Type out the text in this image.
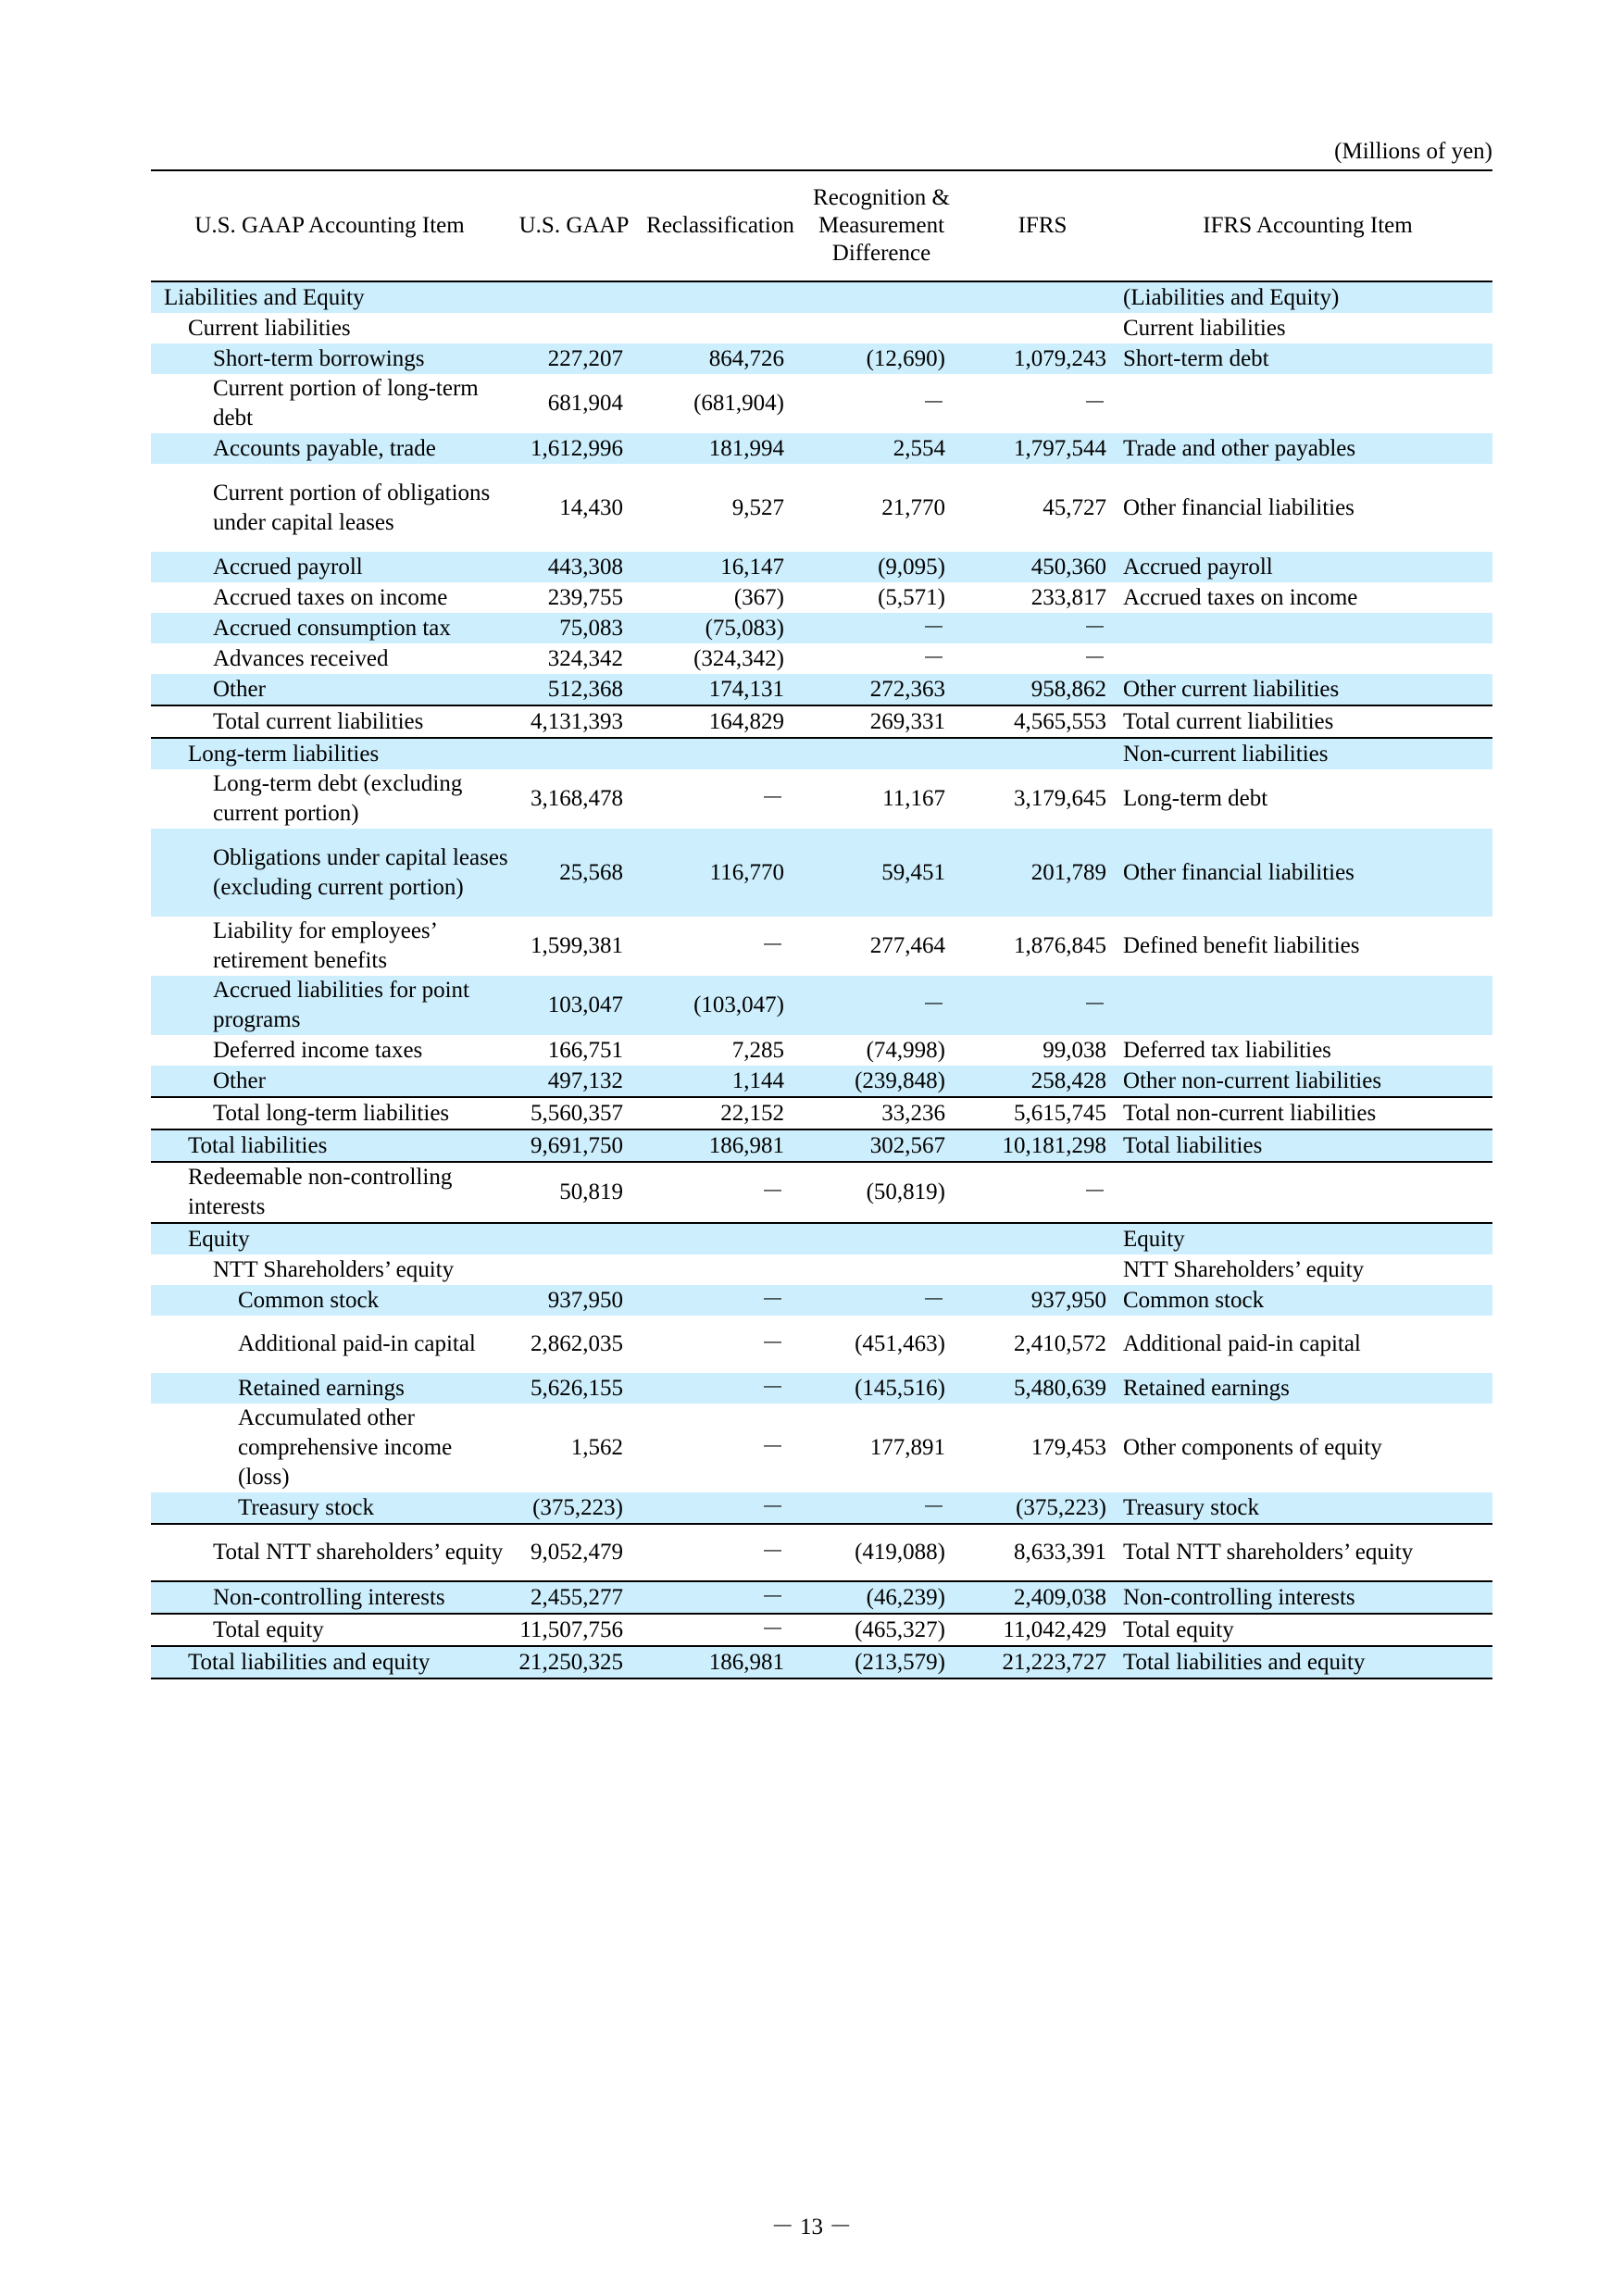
(Millions of yen)
U.S. GAAP Accounting Item	U.S. GAAP	Reclassification	Recognition & Measurement Difference	IFRS	IFRS Accounting Item
Liabilities and Equity					(Liabilities and Equity)
Current liabilities					Current liabilities
Short-term borrowings	227,207	864,726	(12,690)	1,079,243	Short-term debt
Current portion of long-term debt	681,904	(681,904)	－	－	
Accounts payable, trade	1,612,996	181,994	2,554	1,797,544	Trade and other payables
Current portion of obligations under capital leases	14,430	9,527	21,770	45,727	Other financial liabilities
Accrued payroll	443,308	16,147	(9,095)	450,360	Accrued payroll
Accrued taxes on income	239,755	(367)	(5,571)	233,817	Accrued taxes on income
Accrued consumption tax	75,083	(75,083)	－	－	
Advances received	324,342	(324,342)	－	－	
Other	512,368	174,131	272,363	958,862	Other current liabilities
Total current liabilities	4,131,393	164,829	269,331	4,565,553	Total current liabilities
Long-term liabilities					Non-current liabilities
Long-term debt (excluding current portion)	3,168,478	－	11,167	3,179,645	Long-term debt
Obligations under capital leases (excluding current portion)	25,568	116,770	59,451	201,789	Other financial liabilities
Liability for employees’ retirement benefits	1,599,381	－	277,464	1,876,845	Defined benefit liabilities
Accrued liabilities for point programs	103,047	(103,047)	－	－	
Deferred income taxes	166,751	7,285	(74,998)	99,038	Deferred tax liabilities
Other	497,132	1,144	(239,848)	258,428	Other non-current liabilities
Total long-term liabilities	5,560,357	22,152	33,236	5,615,745	Total non-current liabilities
Total liabilities	9,691,750	186,981	302,567	10,181,298	Total liabilities
Redeemable non-controlling interests	50,819	－	(50,819)	－	
Equity					Equity
NTT Shareholders’ equity					NTT Shareholders’ equity
Common stock	937,950	－	－	937,950	Common stock
Additional paid-in capital	2,862,035	－	(451,463)	2,410,572	Additional paid-in capital
Retained earnings	5,626,155	－	(145,516)	5,480,639	Retained earnings
Accumulated other comprehensive income (loss)	1,562	－	177,891	179,453	Other components of equity
Treasury stock	(375,223)	－	－	(375,223)	Treasury stock
Total NTT shareholders’ equity	9,052,479	－	(419,088)	8,633,391	Total NTT shareholders’ equity
Non-controlling interests	2,455,277	－	(46,239)	2,409,038	Non-controlling interests
Total equity	11,507,756	－	(465,327)	11,042,429	Total equity
Total liabilities and equity	21,250,325	186,981	(213,579)	21,223,727	Total liabilities and equity
－ 13 －
